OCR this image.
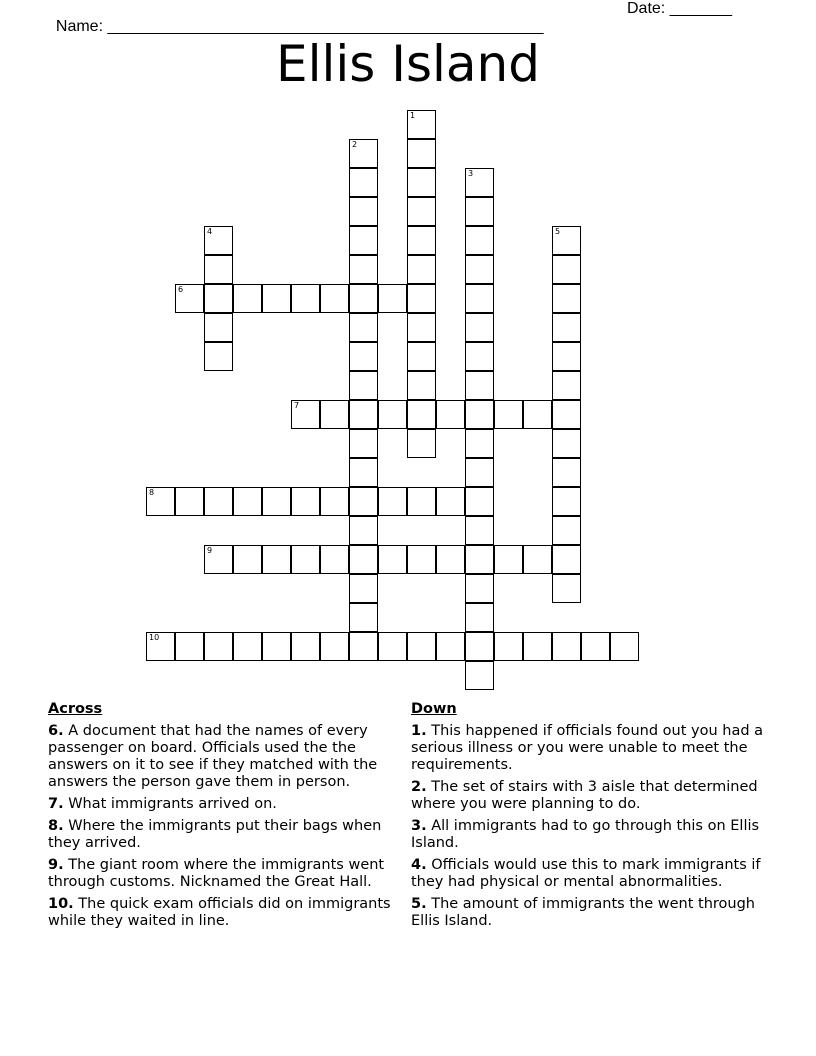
Name: _________________________________________________

Date: _______

Ellis Island
1
2
3
4	5
6
7
8
9
10
Across
6. A document that had the names of every passenger on board. Officials used the the answers on it to see if they matched with the answers the person gave them in person.
7. What immigrants arrived on.
8. Where the immigrants put their bags when they arrived.
9. The giant room where the immigrants went through customs. Nicknamed the Great Hall.
10. The quick exam officials did on immigrants while they waited in line.
Down
1. This happened if officials found out you had a serious illness or you were unable to meet the requirements.
2. The set of stairs with 3 aisle that determined where you were planning to do.
3. All immigrants had to go through this on Ellis Island.
4. Officials would use this to mark immigrants if they had physical or mental abnormalities.
5. The amount of immigrants the went through Ellis Island.
